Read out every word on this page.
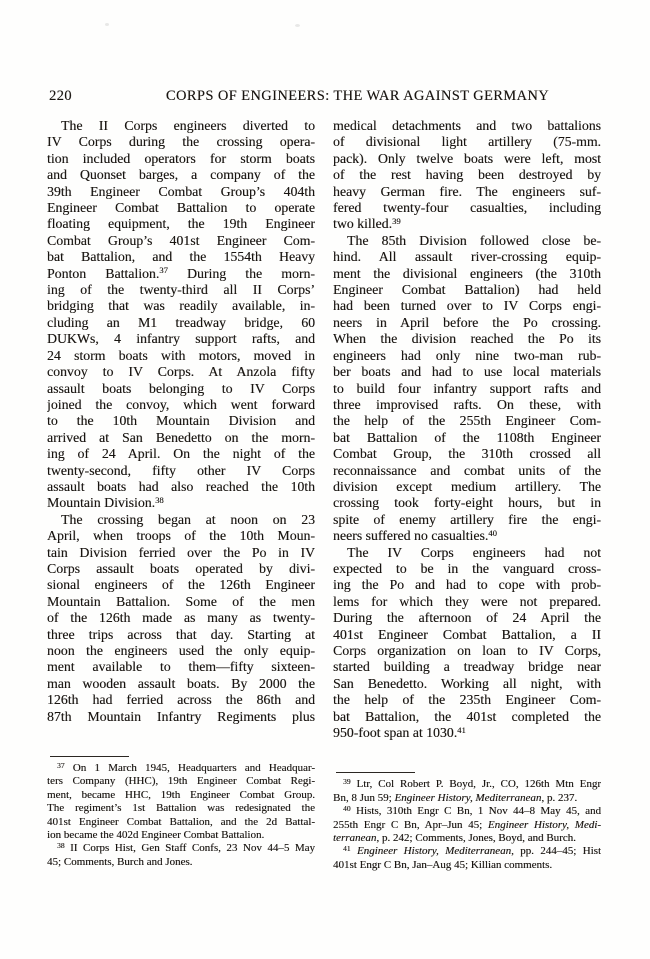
220	CORPS OF ENGINEERS: THE WAR AGAINST GERMANY
The II Corps engineers diverted to
IV Corps during the crossing opera-
tion included operators for storm boats
and Quonset barges, a company of the
39th Engineer Combat Group’s 404th
Engineer Combat Battalion to operate
floating equipment, the 19th Engineer
Combat Group’s 401st Engineer Com-
bat Battalion, and the 1554th Heavy
Ponton Battalion.$^{37}$ During the morn-
ing of the twenty-third all II Corps’
bridging that was readily available, in-
cluding an M1 treadway bridge, 60
DUKWs, 4 infantry support rafts, and
24 storm boats with motors, moved in
convoy to IV Corps. At Anzola fifty
assault boats belonging to IV Corps
joined the convoy, which went forward
to the 10th Mountain Division and
arrived at San Benedetto on the morn-
ing of 24 April. On the night of the
twenty-second, fifty other IV Corps
assault boats had also reached the 10th
Mountain Division.$^{38}$
The crossing began at noon on 23
April, when troops of the 10th Moun-
tain Division ferried over the Po in IV
Corps assault boats operated by divi-
sional engineers of the 126th Engineer
Mountain Battalion. Some of the men
of the 126th made as many as twenty-
three trips across that day. Starting at
noon the engineers used the only equip-
ment available to them—fifty sixteen-
man wooden assault boats. By 2000 the
126th had ferried across the 86th and
87th Mountain Infantry Regiments plus
$^{37}$ On 1 March 1945, Headquarters and Headquar-
ters Company (HHC), 19th Engineer Combat Regi-
ment, became HHC, 19th Engineer Combat Group.
The regiment’s 1st Battalion was redesignated the
401st Engineer Combat Battalion, and the 2d Battal-
ion became the 402d Engineer Combat Battalion.
$^{38}$ II Corps Hist, Gen Staff Confs, 23 Nov 44–5 May
45; Comments, Burch and Jones.
medical detachments and two battalions
of divisional light artillery (75-mm.
pack). Only twelve boats were left, most
of the rest having been destroyed by
heavy German fire. The engineers suf-
fered twenty-four casualties, including
two killed.$^{39}$
The 85th Division followed close be-
hind. All assault river-crossing equip-
ment the divisional engineers (the 310th
Engineer Combat Battalion) had held
had been turned over to IV Corps engi-
neers in April before the Po crossing.
When the division reached the Po its
engineers had only nine two-man rub-
ber boats and had to use local materials
to build four infantry support rafts and
three improvised rafts. On these, with
the help of the 255th Engineer Com-
bat Battalion of the 1108th Engineer
Combat Group, the 310th crossed all
reconnaissance and combat units of the
division except medium artillery. The
crossing took forty-eight hours, but in
spite of enemy artillery fire the engi-
neers suffered no casualties.$^{40}$
The IV Corps engineers had not
expected to be in the vanguard cross-
ing the Po and had to cope with prob-
lems for which they were not prepared.
During the afternoon of 24 April the
401st Engineer Combat Battalion, a II
Corps organization on loan to IV Corps,
started building a treadway bridge near
San Benedetto. Working all night, with
the help of the 235th Engineer Com-
bat Battalion, the 401st completed the
950-foot span at 1030.41
$^{39}$ Ltr, Col Robert P. Boyd, Jr., CO, 126th Mtn Engr
Bn, 8 Jun 59; Engineer History, Mediterranean, p. 237.
$^{40}$ Hists, 310th Engr C Bn, 1 Nov 44–8 May 45, and
255th Engr C Bn, Apr–Jun 45; Engineer History, Medi-
terranean, p. 242; Comments, Jones, Boyd, and Burch.
$^{41}$ Engineer History, Mediterranean, pp. 244–45; Hist
401st Engr C Bn, Jan–Aug 45; Killian comments.
